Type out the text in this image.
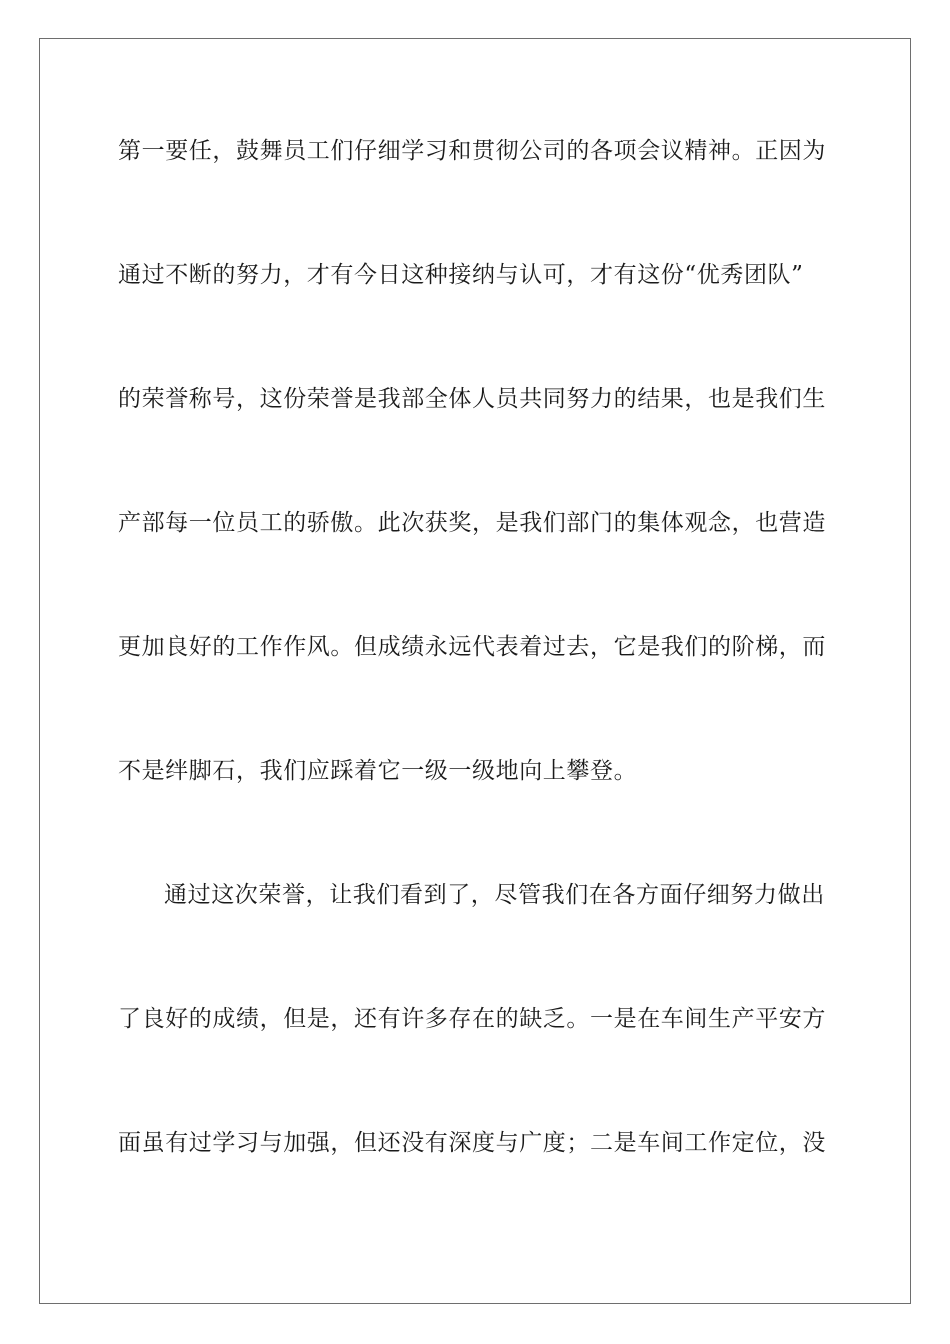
第一要任，鼓舞员工们仔细学习和贯彻公司的各项会议精神。正因为
通过不断的努力，才有今日这种接纳与认可，才有这份“优秀团队”
的荣誉称号，这份荣誉是我部全体人员共同努力的结果，也是我们生
产部每一位员工的骄傲。此次获奖，是我们部门的集体观念，也营造
更加良好的工作作风。但成绩永远代表着过去，它是我们的阶梯，而
不是绊脚石，我们应踩着它一级一级地向上攀登。
通过这次荣誉，让我们看到了，尽管我们在各方面仔细努力做出
了良好的成绩，但是，还有许多存在的缺乏。一是在车间生产平安方
面虽有过学习与加强，但还没有深度与广度；二是车间工作定位，没
